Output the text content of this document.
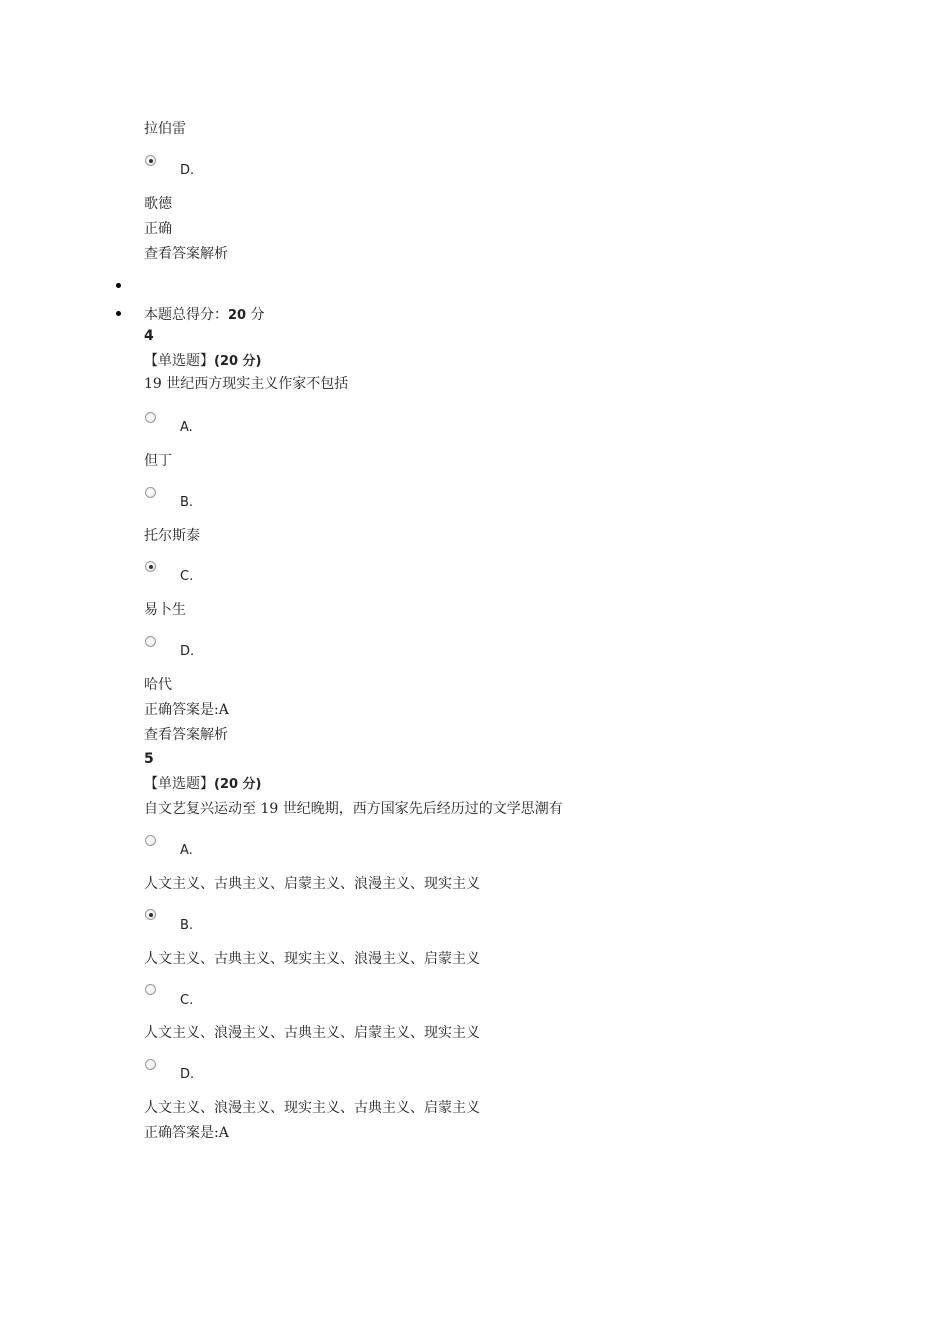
拉伯雷
D.
歌德
正确
查看答案解析
本题总得分：20 分
4
【单选题】(20 分)
19 世纪西方现实主义作家不包括
A.
但丁
B.
托尔斯泰
C.
易卜生
D.
哈代
正确答案是:A
查看答案解析
5
【单选题】(20 分)
自文艺复兴运动至 19 世纪晚期，西方国家先后经历过的文学思潮有
A.
人文主义、古典主义、启蒙主义、浪漫主义、现实主义
B.
人文主义、古典主义、现实主义、浪漫主义、启蒙主义
C.
人文主义、浪漫主义、古典主义、启蒙主义、现实主义
D.
人文主义、浪漫主义、现实主义、古典主义、启蒙主义
正确答案是:A
